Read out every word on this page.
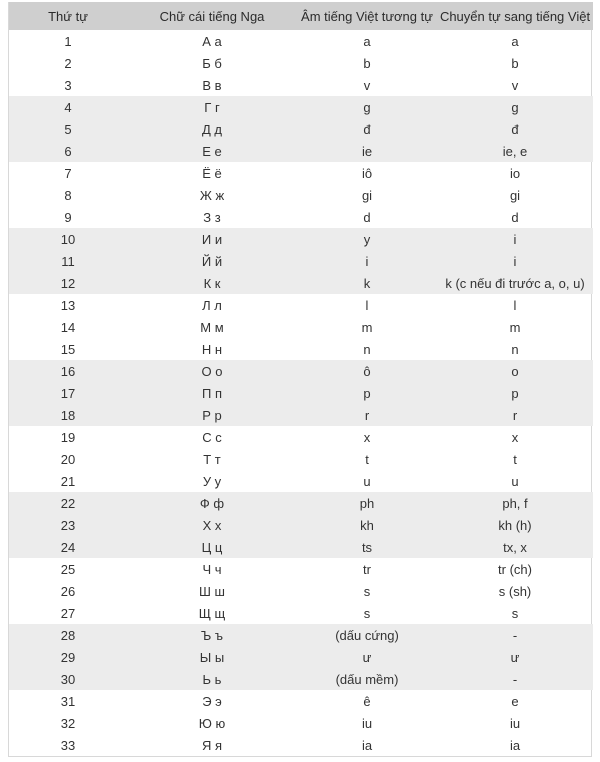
Thứ tự	Chữ cái tiếng Nga	Âm tiếng Việt tương tự	Chuyển tự sang tiếng Việt
1	А а	a	a
2	Б б	b	b
3	В в	v	v
4	Г г	g	g
5	Д д	đ	đ
6	Е е	ie	ie, e
7	Ё ё	iô	io
8	Ж ж	gi	gi
9	З з	d	d
10	И и	y	i
11	Й й	i	i
12	К к	k	k (c nếu đi trước a, o, u)
13	Л л	l	l
14	М м	m	m
15	Н н	n	n
16	О о	ô	o
17	П п	p	p
18	Р р	r	r
19	С с	x	x
20	Т т	t	t
21	У у	u	u
22	Ф ф	ph	ph, f
23	Х х	kh	kh (h)
24	Ц ц	ts	tx, x
25	Ч ч	tr	tr (ch)
26	Ш ш	s	s (sh)
27	Щ щ	s	s
28	Ъ ъ	(dấu cứng)	-
29	Ы ы	ư	ư
30	Ь ь	(dấu mềm)	-
31	Э э	ê	e
32	Ю ю	iu	iu
33	Я я	ia	ia
